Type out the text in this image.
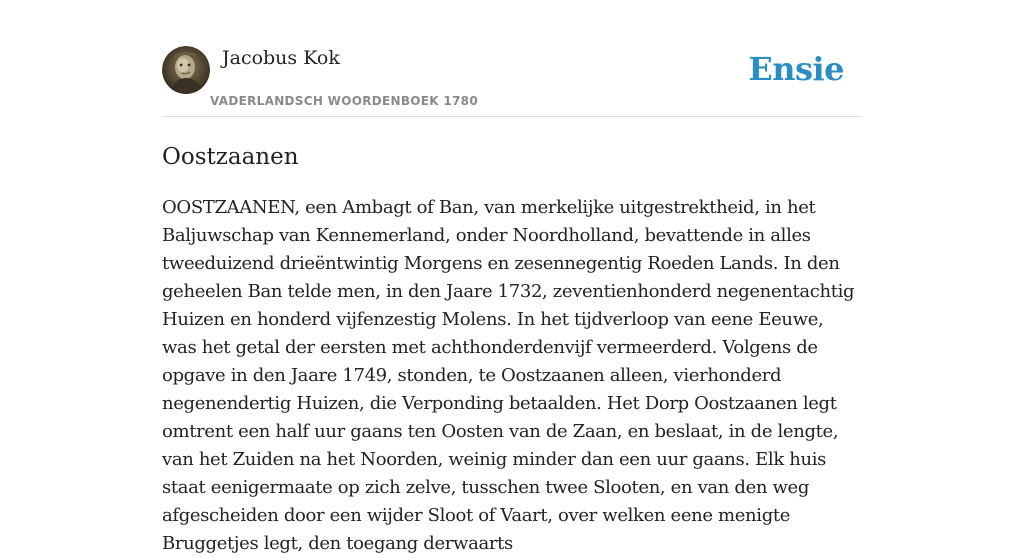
Jacobus Kok
VADERLANDSCH WOORDENBOEK 1780
Ensie
Oostzaanen

OOSTZAANEN, een Ambagt of Ban, van merkelijke uitgestrektheid, in het Baljuwschap van Kennemerland, onder Noordholland, bevattende in alles tweeduizend drieëntwintig Morgens en zesennegentig Roeden Lands. In den geheelen Ban telde men, in den Jaare 1732, zeventienhonderd negenentachtig Huizen en honderd vijfenzestig Molens. In het tijdverloop van eene Eeuwe, was het getal der eersten met achthonderdenvijf vermeerderd. Volgens de opgave in den Jaare 1749, stonden, te Oostzaanen alleen, vierhonderd negenendertig Huizen, die Verponding betaalden. Het Dorp Oostzaanen legt omtrent een half uur gaans ten Oosten van de Zaan, en beslaat, in de lengte, van het Zuiden na het Noorden, weinig minder dan een uur gaans. Elk huis staat eenigermaate op zich zelve, tusschen twee Slooten, en van den weg afgescheiden door een wijder Sloot of Vaart, over welken eene menigte Bruggetjes legt, den toegang derwaarts
